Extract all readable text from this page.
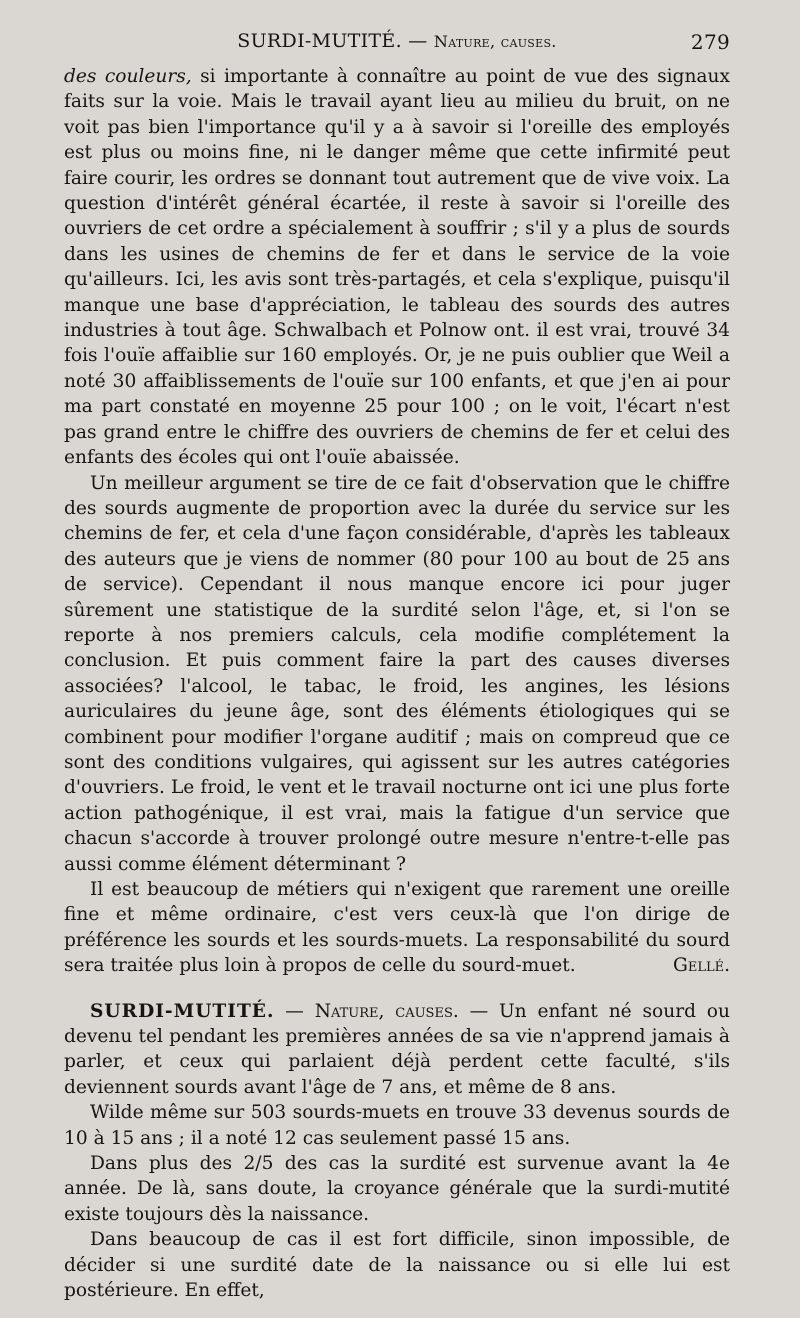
SURDI-MUTITÉ. — Nature, causes.	279

des couleurs, si importante à connaître au point de vue des signaux faits sur la voie. Mais le travail ayant lieu au milieu du bruit, on ne voit pas bien l'importance qu'il y a à savoir si l'oreille des employés est plus ou moins fine, ni le danger même que cette infirmité peut faire courir, les ordres se donnant tout autrement que de vive voix. La question d'intérêt général écartée, il reste à savoir si l'oreille des ouvriers de cet ordre a spécialement à souffrir ; s'il y a plus de sourds dans les usines de chemins de fer et dans le service de la voie qu'ailleurs. Ici, les avis sont très-partagés, et cela s'explique, puisqu'il manque une base d'appréciation, le tableau des sourds des autres industries à tout âge. Schwalbach et Polnow ont. il est vrai, trouvé 34 fois l'ouïe affaiblie sur 160 employés. Or, je ne puis oublier que Weil a noté 30 affaiblissements de l'ouïe sur 100 enfants, et que j'en ai pour ma part constaté en moyenne 25 pour 100 ; on le voit, l'écart n'est pas grand entre le chiffre des ouvriers de chemins de fer et celui des enfants des écoles qui ont l'ouïe abaissée.

Un meilleur argument se tire de ce fait d'observation que le chiffre des sourds augmente de proportion avec la durée du service sur les chemins de fer, et cela d'une façon considérable, d'après les tableaux des auteurs que je viens de nommer (80 pour 100 au bout de 25 ans de service). Cependant il nous manque encore ici pour juger sûrement une statistique de la surdité selon l'âge, et, si l'on se reporte à nos premiers calculs, cela modifie complétement la conclusion. Et puis comment faire la part des causes diverses associées? l'alcool, le tabac, le froid, les angines, les lésions auriculaires du jeune âge, sont des éléments étiologiques qui se combinent pour modifier l'organe auditif ; mais on compreud que ce sont des conditions vulgaires, qui agissent sur les autres catégories d'ouvriers. Le froid, le vent et le travail nocturne ont ici une plus forte action pathogénique, il est vrai, mais la fatigue d'un service que chacun s'accorde à trouver prolongé outre mesure n'entre-t-elle pas aussi comme élément déterminant ?

Il est beaucoup de métiers qui n'exigent que rarement une oreille fine et même ordinaire, c'est vers ceux-là que l'on dirige de préférence les sourds et les sourds-muets. La responsabilité du sourd sera traitée plus loin à propos de celle du sourd-muet.	Gellé.

SURDI-MUTITÉ. — Nature, causes. — Un enfant né sourd ou devenu tel pendant les premières années de sa vie n'apprend jamais à parler, et ceux qui parlaient déjà perdent cette faculté, s'ils deviennent sourds avant l'âge de 7 ans, et même de 8 ans.

Wilde même sur 503 sourds-muets en trouve 33 devenus sourds de 10 à 15 ans ; il a noté 12 cas seulement passé 15 ans.

Dans plus des 2/5 des cas la surdité est survenue avant la 4e année. De là, sans doute, la croyance générale que la surdi-mutité existe toujours dès la naissance.

Dans beaucoup de cas il est fort difficile, sinon impossible, de décider si une surdité date de la naissance ou si elle lui est postérieure. En effet,
